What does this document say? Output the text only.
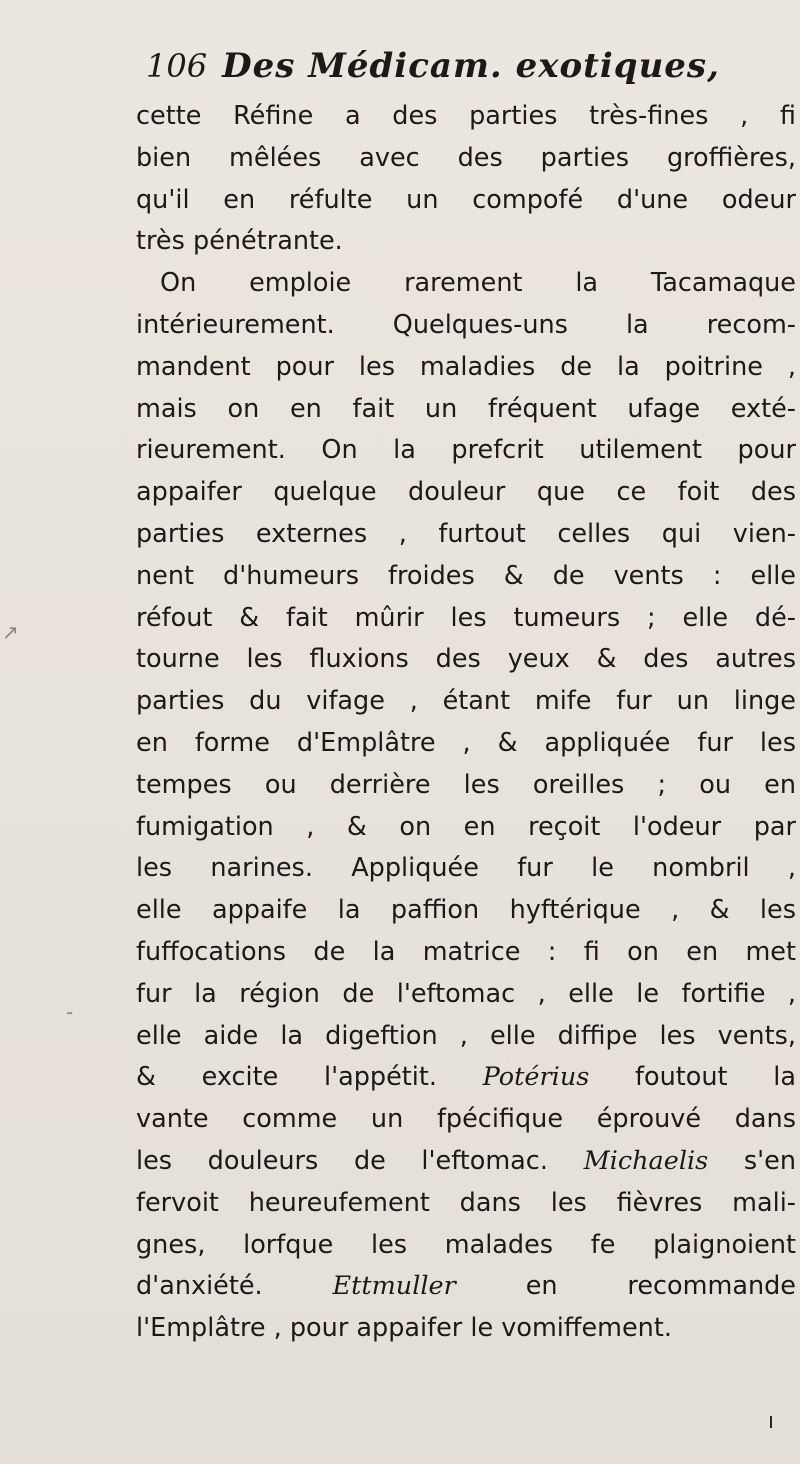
106 Des Médicam. exotiques,
cette Réfine a des parties très-fines , fi
bien mêlées avec des parties groffières,
qu'il en réfulte un compofé d'une odeur
très pénétrante.
On emploie rarement la Tacamaque
intérieurement. Quelques-uns la recom-
mandent pour les maladies de la poitrine ,
mais on en fait un fréquent ufage exté-
rieurement. On la prefcrit utilement pour
appaifer quelque douleur que ce foit des
parties externes , furtout celles qui vien-
nent d'humeurs froides & de vents : elle
réfout & fait mûrir les tumeurs ; elle dé-
tourne les fluxions des yeux & des autres
parties du vifage , étant mife fur un linge
en forme d'Emplâtre , & appliquée fur les
tempes ou derrière les oreilles ; ou en
fumigation , & on en reçoit l'odeur par
les narines. Appliquée fur le nombril ,
elle appaife la paffion hyftérique , & les
fuffocations de la matrice : fi on en met
fur la région de l'eftomac , elle le fortifie ,
elle aide la digeftion , elle diffipe les vents,
& excite l'appétit. Potérius foutout la
vante comme un fpécifique éprouvé dans
les douleurs de l'eftomac. Michaelis s'en
fervoit heureufement dans les fièvres mali-
gnes, lorfque les malades fe plaignoient
d'anxiété. Ettmuller en recommande
l'Emplâtre , pour appaifer le vomiffement.
↗
-
